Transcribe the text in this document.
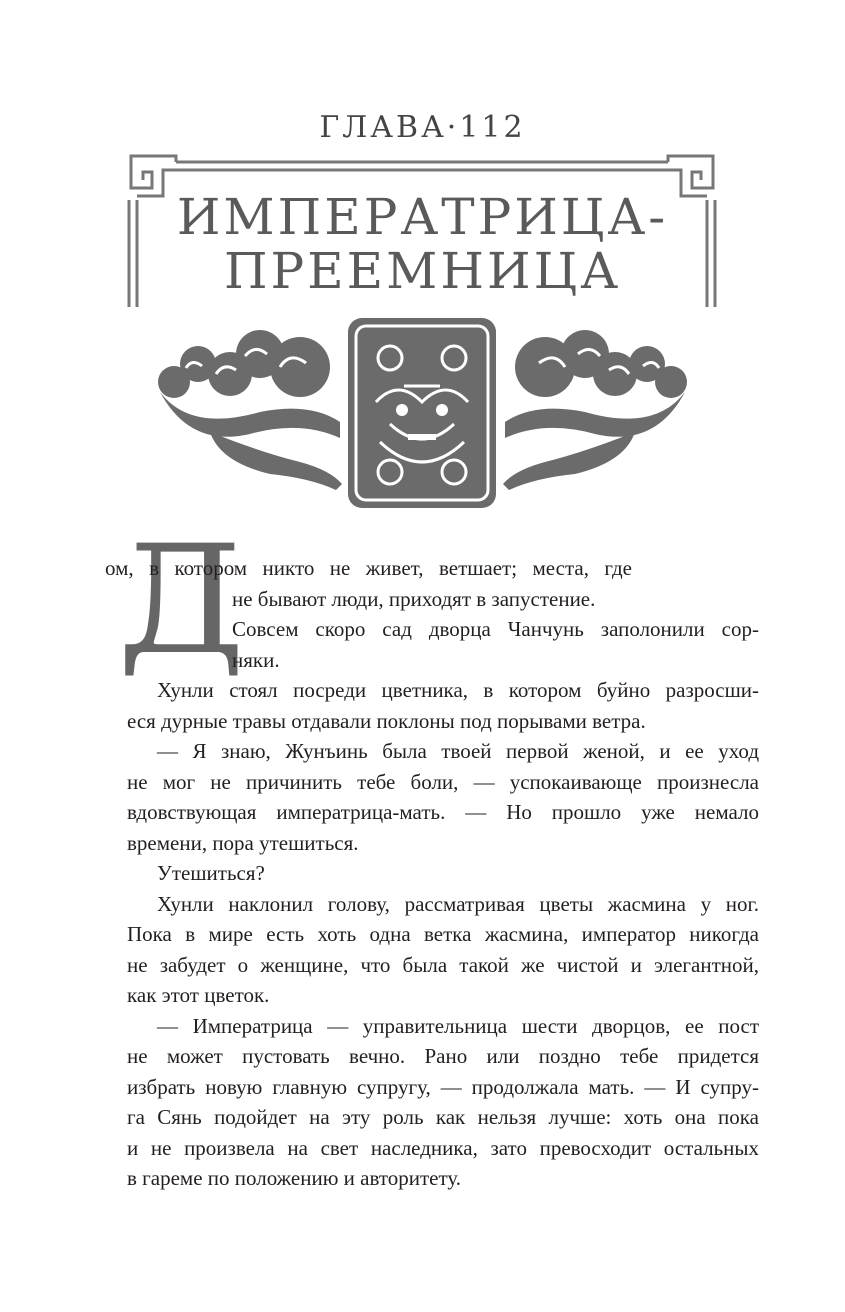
ГЛАВА·112
ИМПЕРАТРИЦА-
ПРЕЕМНИЦА
Д
ом, в котором никто не живет, ветшает; места, где
не бывают люди, приходят в запустение.
Совсем скоро сад дворца Чанчунь заполонили сор-
няки.
Хунли стоял посреди цветника, в котором буйно разросши-
еся дурные травы отдавали поклоны под порывами ветра.
— Я знаю, Жунъинь была твоей первой женой, и ее уход
не мог не причинить тебе боли, — успокаивающе произнесла
вдовствующая императрица-мать. — Но прошло уже немало
времени, пора утешиться.
Утешиться?
Хунли наклонил голову, рассматривая цветы жасмина у ног.
Пока в мире есть хоть одна ветка жасмина, император никогда
не забудет о женщине, что была такой же чистой и элегантной,
как этот цветок.
— Императрица — управительница шести дворцов, ее пост
не может пустовать вечно. Рано или поздно тебе придется
избрать новую главную супругу, — продолжала мать. — И супру-
га Сянь подойдет на эту роль как нельзя лучше: хоть она пока
и не произвела на свет наследника, зато превосходит остальных
в гареме по положению и авторитету.
